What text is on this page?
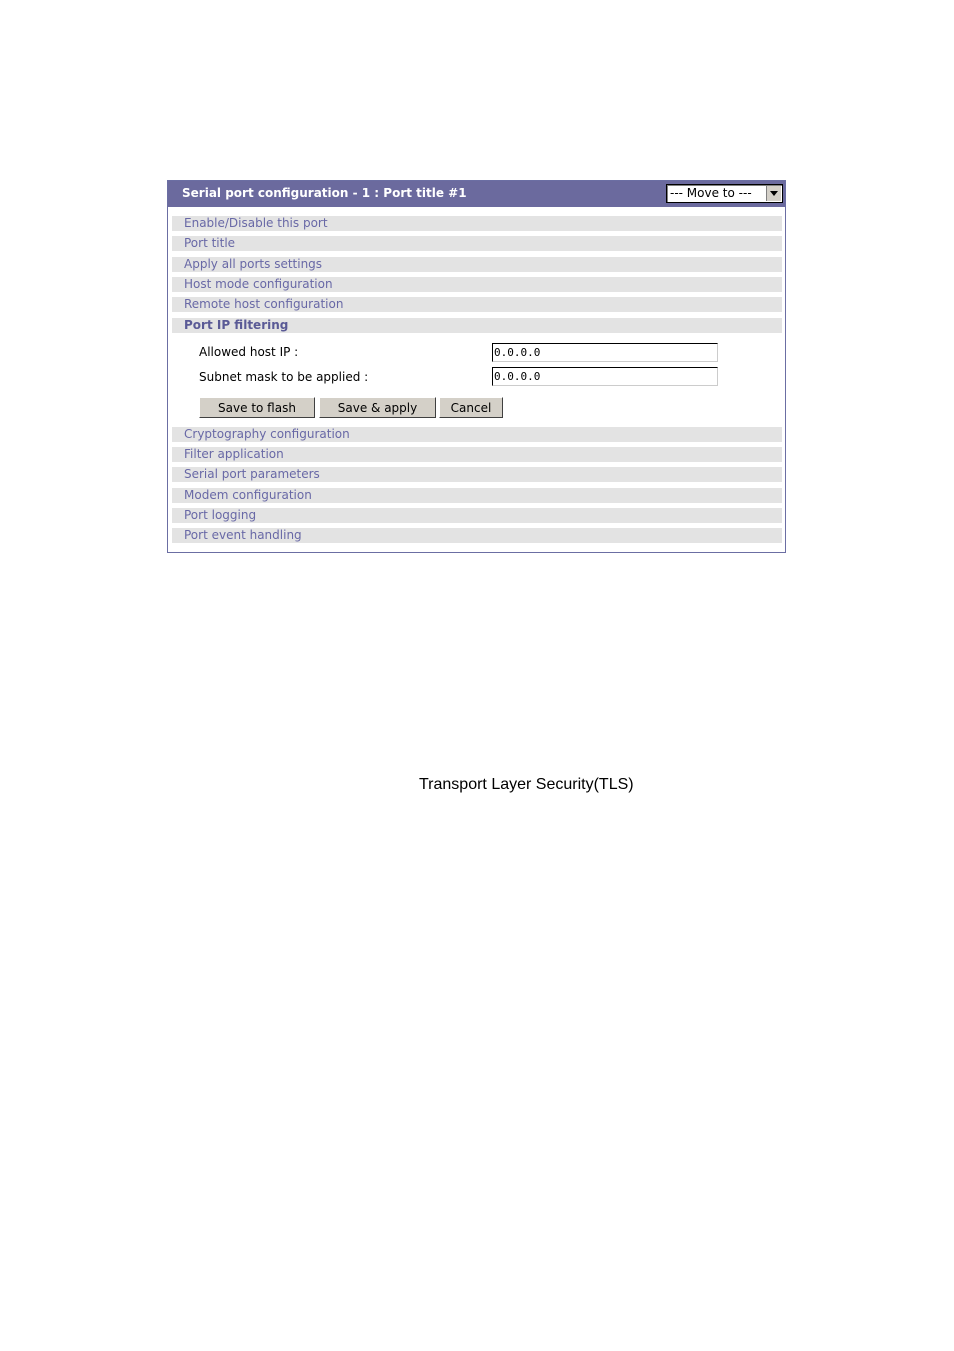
Serial port configuration - 1 : Port title #1	--- Move to ---
Enable/Disable this port
Port title
Apply all ports settings
Host mode configuration
Remote host configuration
Port IP filtering
Allowed host IP :
0.0.0.0
Subnet mask to be applied :
0.0.0.0
Save to flash	Save & apply	Cancel
Cryptography configuration
Filter application
Serial port parameters
Modem configuration
Port logging
Port event handling
Transport Layer Security(TLS)
